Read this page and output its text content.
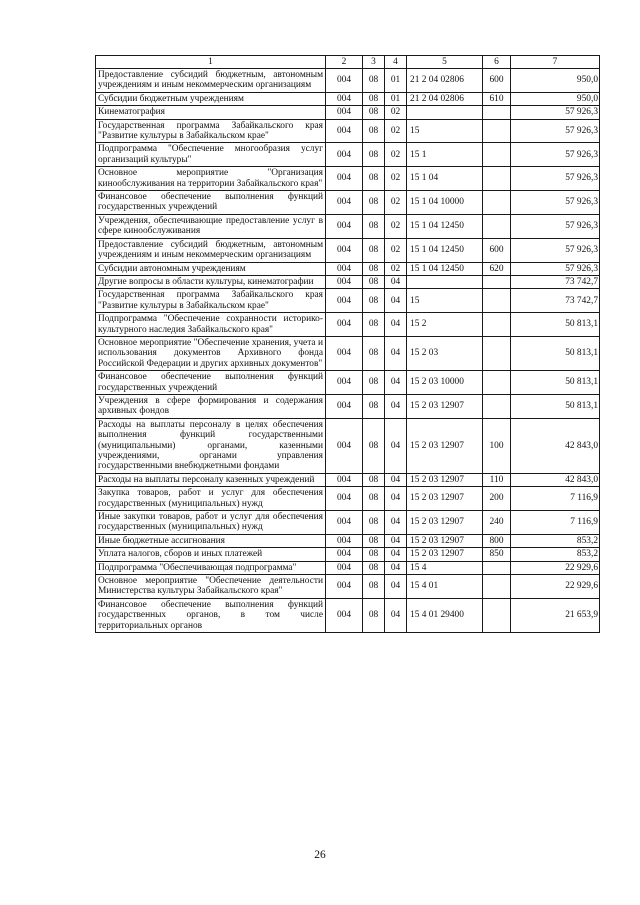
1	2	3	4	5	6	7
Предоставление субсидий бюджетным, автономным учреждениям и иным некоммерческим организациям	004	08	01	21 2 04 02806	600	950,0
Субсидии бюджетным учреждениям	004	08	01	21 2 04 02806	610	950,0
Кинематография	004	08	02			57 926,3
Государственная программа Забайкальского края "Развитие культуры в Забайкальском крае"	004	08	02	15		57 926,3
Подпрограмма "Обеспечение многообразия услуг организаций культуры"	004	08	02	15 1		57 926,3
Основное мероприятие "Организация кинообслуживания на территории Забайкальского края"	004	08	02	15 1 04		57 926,3
Финансовое обеспечение выполнения функций государственных учреждений	004	08	02	15 1 04 10000		57 926,3
Учреждения, обеспечивающие предоставление услуг в сфере кинообслуживания	004	08	02	15 1 04 12450		57 926,3
Предоставление субсидий бюджетным, автономным учреждениям и иным некоммерческим организациям	004	08	02	15 1 04 12450	600	57 926,3
Субсидии автономным учреждениям	004	08	02	15 1 04 12450	620	57 926,3
Другие вопросы в области культуры, кинематографии	004	08	04			73 742,7
Государственная программа Забайкальского края "Развитие культуры в Забайкальском крае"	004	08	04	15		73 742,7
Подпрограмма "Обеспечение сохранности историко-культурного наследия Забайкальского края"	004	08	04	15 2		50 813,1
Основное мероприятие "Обеспечение хранения, учета и использования документов Архивного фонда Российской Федерации и других архивных документов"	004	08	04	15 2 03		50 813,1
Финансовое обеспечение выполнения функций государственных учреждений	004	08	04	15 2 03 10000		50 813,1
Учреждения в сфере формирования и содержания архивных фондов	004	08	04	15 2 03 12907		50 813,1
Расходы на выплаты персоналу в целях обеспечения выполнения функций государственными (муниципальными) органами, казенными учреждениями, органами управления государственными внебюджетными фондами	004	08	04	15 2 03 12907	100	42 843,0
Расходы на выплаты персоналу казенных учреждений	004	08	04	15 2 03 12907	110	42 843,0
Закупка товаров, работ и услуг для обеспечения государственных (муниципальных) нужд	004	08	04	15 2 03 12907	200	7 116,9
Иные закупки товаров, работ и услуг для обеспечения государственных (муниципальных) нужд	004	08	04	15 2 03 12907	240	7 116,9
Иные бюджетные ассигнования	004	08	04	15 2 03 12907	800	853,2
Уплата налогов, сборов и иных платежей	004	08	04	15 2 03 12907	850	853,2
Подпрограмма "Обеспечивающая подпрограмма"	004	08	04	15 4		22 929,6
Основное мероприятие "Обеспечение деятельности Министерства культуры Забайкальского края"	004	08	04	15 4 01		22 929,6
Финансовое обеспечение выполнения функций государственных органов, в том числе территориальных органов	004	08	04	15 4 01 29400		21 653,9
26
